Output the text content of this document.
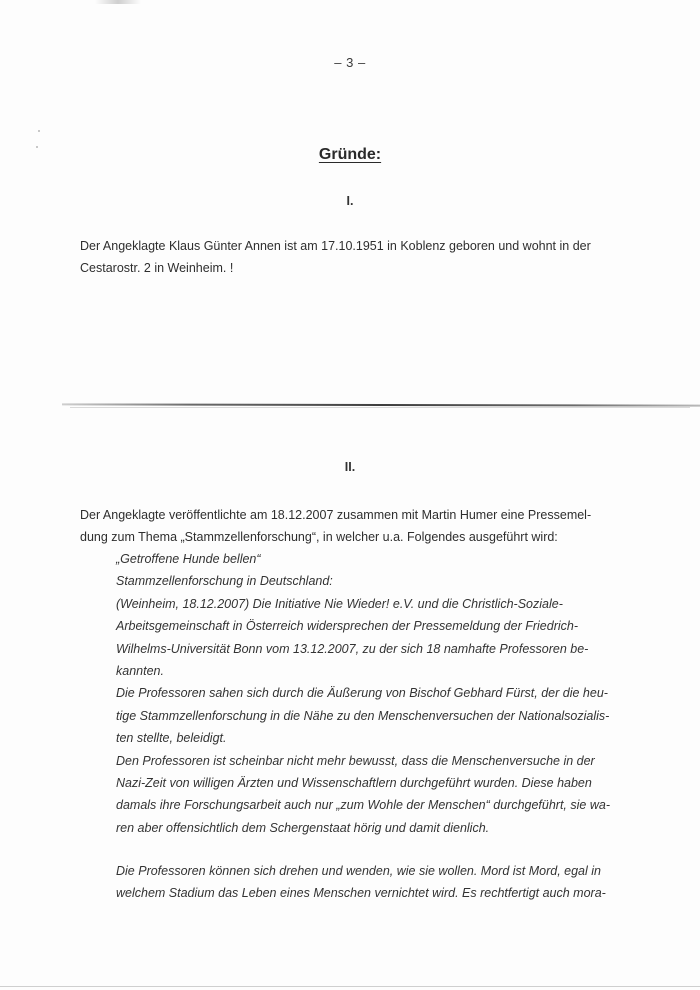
– 3 –
Gründe:
I.

Der Angeklagte Klaus Günter Annen ist am 17.10.1951 in Koblenz geboren und wohnt in der
Cestarostr. 2 in Weinheim. !

II.

Der Angeklagte veröffentlichte am 18.12.2007 zusammen mit Martin Humer eine Pressemel-
dung zum Thema „Stammzellenforschung“, in welcher u.a. Folgendes ausgeführt wird:

„Getroffene Hunde bellen“
Stammzellenforschung in Deutschland:
(Weinheim, 18.12.2007) Die Initiative Nie Wieder! e.V. und die Christlich-Soziale-
Arbeitsgemeinschaft in Österreich widersprechen der Pressemeldung der Friedrich-
Wilhelms-Universität Bonn vom 13.12.2007, zu der sich 18 namhafte Professoren be-
kannten.
Die Professoren sahen sich durch die Äußerung von Bischof Gebhard Fürst, der die heu-
tige Stammzellenforschung in die Nähe zu den Menschenversuchen der Nationalsozialis-
ten stellte, beleidigt.
Den Professoren ist scheinbar nicht mehr bewusst, dass die Menschenversuche in der
Nazi-Zeit von willigen Ärzten und Wissenschaftlern durchgeführt wurden. Diese haben
damals ihre Forschungsarbeit auch nur „zum Wohle der Menschen“ durchgeführt, sie wa-
ren aber offensichtlich dem Schergenstaat hörig und damit dienlich.

Die Professoren können sich drehen und wenden, wie sie wollen. Mord ist Mord, egal in
welchem Stadium das Leben eines Menschen vernichtet wird. Es rechtfertigt auch mora-
